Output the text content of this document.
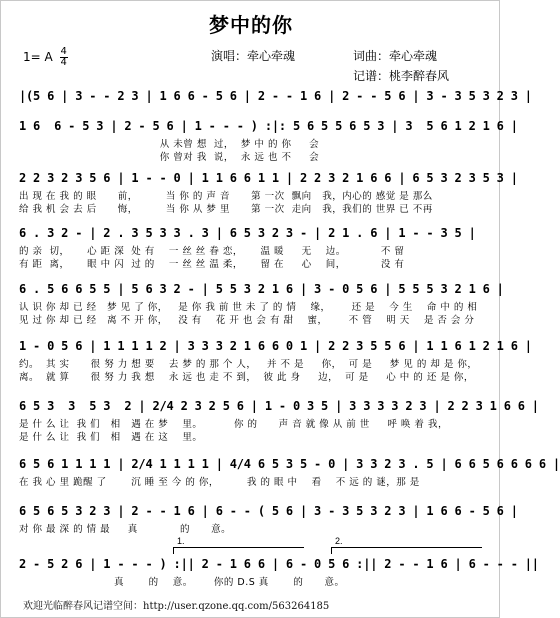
梦中的你
1= A $\frac{4}{4}$	演唱：牵心牵魂	词曲：牵心牵魂
记谱：桃李醉春风
|(5 6 | 3 - - 2 3 | 1 6 6 - 5 6 | 2 - - 1 6 | 2 - - 5 6 | 3 - 3 5 3 2 3 |
1 6  6 - 5 3 | 2 - 5 6 | 1 - - - ) :|: 5 6 5 5 6 5 3 | 3  5 6 1 2 1 6 |
从 未曾 想  过，  梦 中 的 你     会
你 曾对 我  说，  永 远 也 不     会
2 2 3 2 3 5 6 | 1 - - 0 | 1 1 6 6 1 1 | 2 2 3 2 1 6 6 | 6 5 3 2 3 5 3 |
出 现 在 我 的 眼      前，        当 你 的 声 音      第 一次  飘向   我，内心的 感觉 是 那么
给 我 机 会 去 后      悔，        当 你 从 梦 里      第 一次  走向   我，我们的 世界 已 不再
6 . 3 2 - | 2 . 3 5 3 3 . 3 | 6 5 3 2 3 - | 2 1 . 6 | 1 - - 3 5 |
的 亲  切，     心 距 深  处 有    一 丝 丝 眷 恋，     温 暖     无    边。          不 留
有 距  离，     眼 中 闪  过 的    一 丝 丝 温 柔，     留 在     心    间，          没 有
6 . 5 6 6 5 5 | 5 6 3 2 - | 5 5 3 2 1 6 | 3 - 0 5 6 | 5 5 5 3 2 1 6 |
认 识 你 却 已 经   梦 见 了 你，   是 你 我 前 世 未 了 的 情    缘，      还 是    今 生    命 中 的 相
见 过 你 却 已 经   离 不 开 你，   没 有    花 开 也 会 有 甜    蜜，      不 管    明 天    是 否 会 分
1 - 0 5 6 | 1 1 1 1 2 | 3 3 3 2 1 6 6 0 1 | 2 2 3 5 5 6 | 1 1 6 1 2 1 6 |
约。  其 实      很 努 力 想 要    去 梦 的 那 个 人，   并 不 是     你，  可 是     梦 见 的 却 是 你，
离。  就 算      很 努 力 我 想    永 远 也 走 不 到，  彼 此 身     边，  可 是     心 中 的 还 是 你，
6 5 3  3  5 3  2 | 2/4 2 3 2 5 6 | 1 - 0 3 5 | 3 3 3 3 2 3 | 2 2 3 1 6 6 |
是 什 么 让  我 们   相   遇 在 梦    里。         你 的      声 音 就 像 从 前 世     呼 唤 着 我，
是 什 么 让  我 们   相   遇 在 这    里。
6 5 6 1 1 1 1 | 2/4 1 1 1 1 | 4/4 6 5 3 5 - 0 | 3 3 2 3 . 5 | 6 6 5 6 6 6 6 |
在 我 心 里 跪醒 了       沉 睡 至 今 的 你，        我 的 眼 中    看    不 远 的 谜，那 是
6 5 6 5 3 2 3 | 2 - - 1 6 | 6 - - ( 5 6 | 3 - 3 5 3 2 3 | 1 6 6 - 5 6 |
对 你 最 深 的 情 最     真            的      意。
1.	2.
2 - 5 2 6 | 1 - - - ) :|| 2 - 1 6 6 | 6 - 0 5 6 :|| 2 - - 1 6 | 6 - - - ||
真       的    意。      你的 D.S 真       的      意。
欢迎光临醉春风记谱空间：http://user.qzone.qq.com/563264185
